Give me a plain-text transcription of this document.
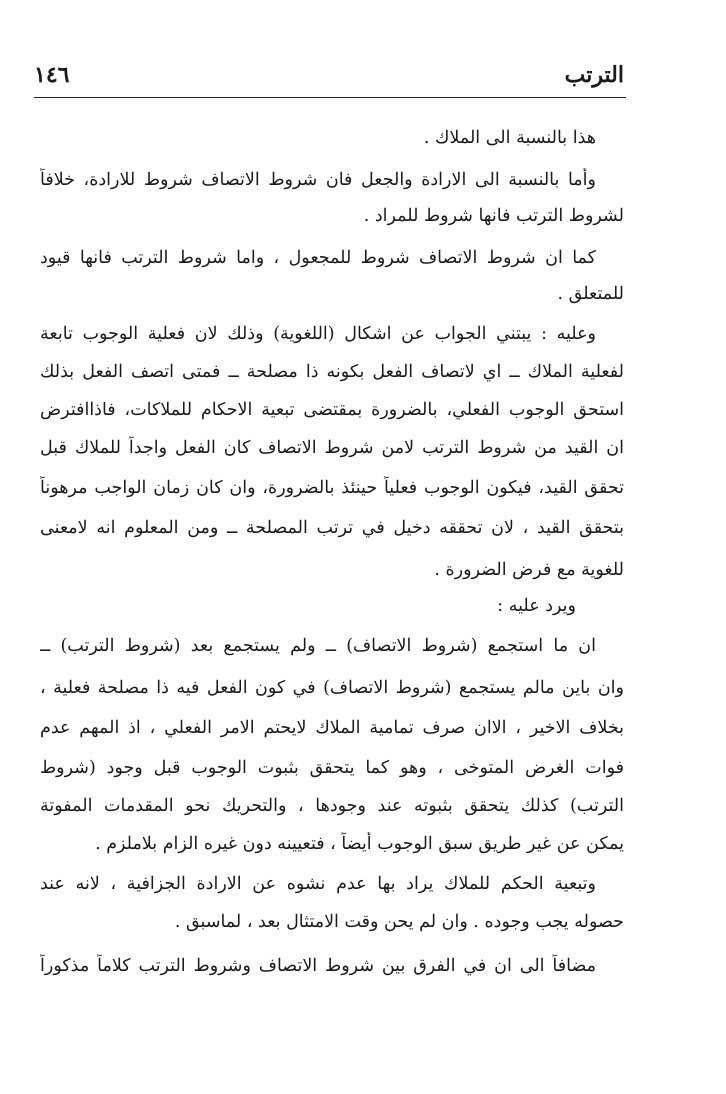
الترتب
١٤٦
هذا بالنسبة الى الملاك .
وأما بالنسبة الى الارادة والجعل فان شروط الاتصاف شروط للارادة، خلافاً
لشروط الترتب فانها شروط للمراد .
كما ان شروط الاتصاف شروط للمجعول ، واما شروط الترتب فانها قيود
للمتعلق .
وعليه : يبتني الجواب عن اشكال (اللغوية) وذلك لان فعلية الوجوب تابعة
لفعلية الملاك ــ اي لاتصاف الفعل بكونه ذا مصلحة ــ فمتى اتصف الفعل بذلك
استحق الوجوب الفعلي، بالضرورة بمقتضى تبعية الاحكام للملاكات، فاذاافترض
ان القيد من شروط الترتب لامن شروط الاتصاف كان الفعل واجداً للملاك قبل
تحقق القيد، فيكون الوجوب فعلياً حينئذ بالضرورة، وان كان زمان الواجب مرهوناً
بتحقق القيد ، لان تحققه دخيل في ترتب المصلحة ــ ومن المعلوم انه لامعنى
للغوية مع فرض الضرورة .
ويرد عليه :
ان ما استجمع (شروط الاتصاف) ــ ولم يستجمع بعد (شروط الترتب) ــ
وان باين مالم يستجمع (شروط الاتصاف) في كون الفعل فيه ذا مصلحة فعلية ،
بخلاف الاخير ، الاان صرف تمامية الملاك لايحتم الامر الفعلي ، اذ المهم عدم
فوات الغرض المتوخى ، وهو كما يتحقق بثبوت الوجوب قبل وجود (شروط
الترتب) كذلك يتحقق بثبوته عند وجودها ، والتحريك نحو المقدمات المفوتة
يمكن عن غير طريق سبق الوجوب أيضاً ، فتعيينه دون غيره الزام بلاملزم .
وتبعية الحكم للملاك يراد بها عدم نشوه عن الارادة الجزافية ، لانه عند
حصوله يجب وجوده . وان لم يحن وقت الامتثال بعد ، لماسبق .
مضافاً الى ان في الفرق بين شروط الاتصاف وشروط الترتب كلاماً مذكوراً
